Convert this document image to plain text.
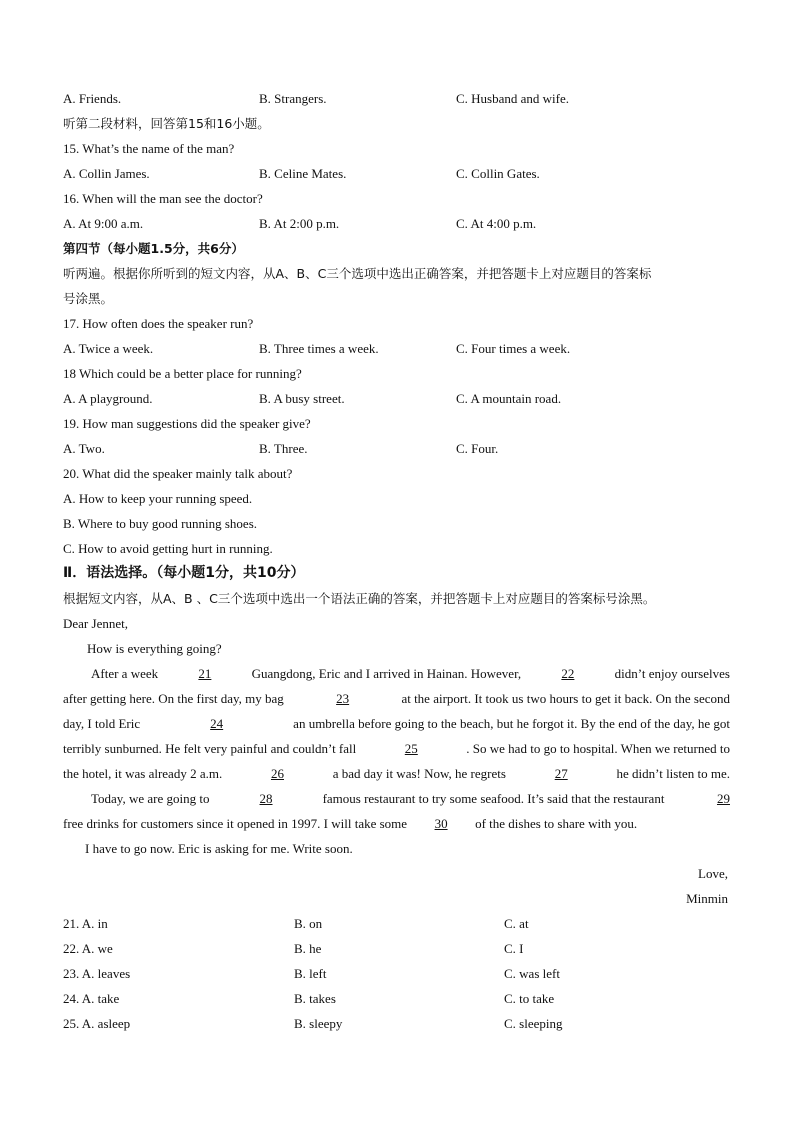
A. Friends.	B. Strangers.	C. Husband and wife.
听第二段材料，回答第15和16小题。
15. What’s the name of the man?
A. Collin James.	B. Celine Mates.	C. Collin Gates.
16. When will the man see the doctor?
A. At 9:00 a.m.	B. At 2:00 p.m.	C. At 4:00 p.m.
第四节（每小题1.5分，共6分）
听两遍。根据你所听到的短文内容，从A、B、C三个选项中选出正确答案，并把答题卡上对应题目的答案标
号涂黑。
17. How often does the speaker run?
A. Twice a week.	B. Three times a week.	C. Four times a week.
18 Which could be a better place for running?
A. A playground.	B. A busy street.	C. A mountain road.
19. How man suggestions did the speaker give?
A. Two.	B. Three.	C. Four.
20. What did the speaker mainly talk about?
A. How to keep your running speed.
B. Where to buy good running shoes.
C. How to avoid getting hurt in running.
Ⅱ．语法选择。（每小题1分，共10分）
根据短文内容，从A、B 、C三个选项中选出一个语法正确的答案，并把答题卡上对应题目的答案标号涂黑。
Dear Jennet,
How is everything going?
After a week	21	Guangdong, Eric and I arrived in Hainan. However,	22	didn’t enjoy ourselves
after getting here. On the first day, my bag	23	at the airport. It took us two hours to get it back. On the second
day, I told Eric	24	an umbrella before going to the beach, but he forgot it. By the end of the day, he got
terribly sunburned. He felt very painful and couldn’t fall	25	. So we had to go to hospital. When we returned to
the hotel, it was already 2 a.m.	26	a bad day it was! Now, he regrets	27	he didn’t listen to me.
Today, we are going to	28	famous restaurant to try some seafood. It’s said that the restaurant	29
free drinks for customers since it opened in 1997. I will take some	30	of the dishes to share with you.
I have to go now. Eric is asking for me. Write soon.
Love,
Minmin
21. A. in	B. on	C. at
22. A. we	B. he	C. I
23. A. leaves	B. left	C. was left
24. A. take	B. takes	C. to take
25. A. asleep	B. sleepy	C. sleeping
